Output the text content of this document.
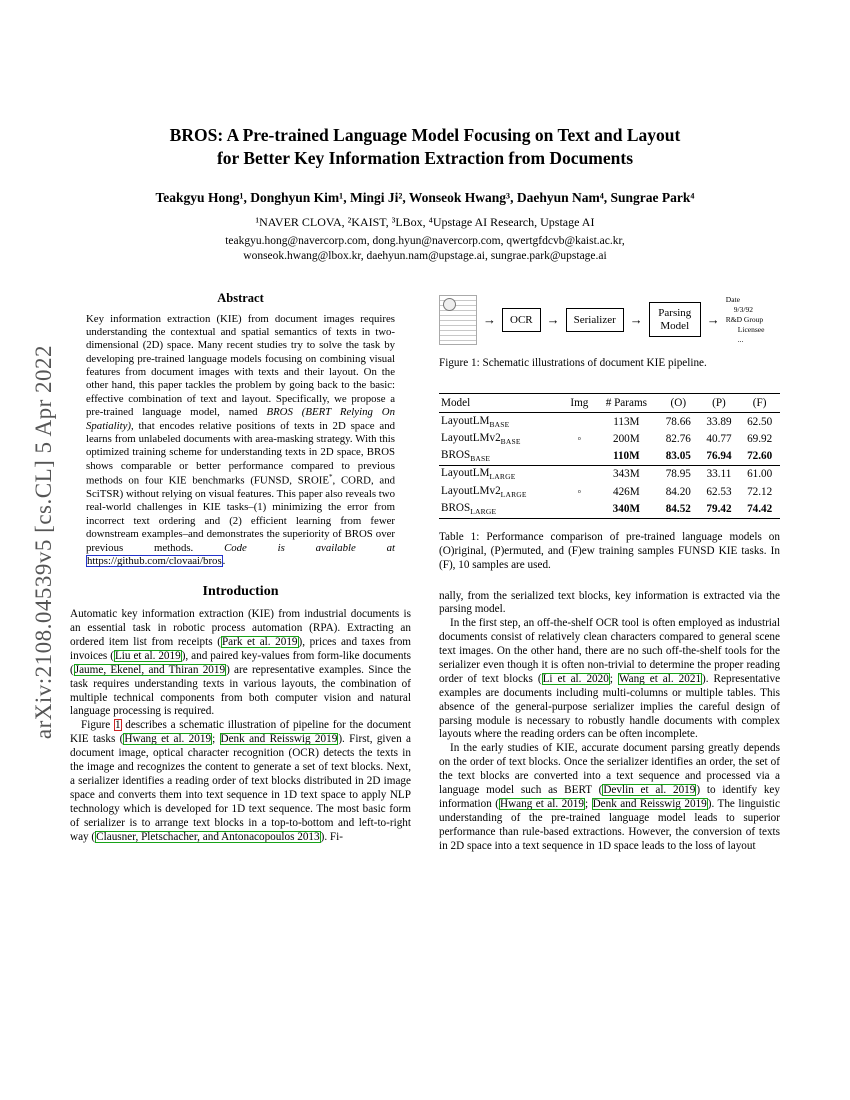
arXiv:2108.04539v5 [cs.CL] 5 Apr 2022
BROS: A Pre-trained Language Model Focusing on Text and Layout
for Better Key Information Extraction from Documents
Teakgyu Hong¹, Donghyun Kim¹, Mingi Ji², Wonseok Hwang³, Daehyun Nam⁴, Sungrae Park⁴
¹NAVER CLOVA, ²KAIST, ³LBox, ⁴Upstage AI Research, Upstage AI
teakgyu.hong@navercorp.com, dong.hyun@navercorp.com, qwertgfdcvb@kaist.ac.kr,
wonseok.hwang@lbox.kr, daehyun.nam@upstage.ai, sungrae.park@upstage.ai
Abstract
Key information extraction (KIE) from document images requires understanding the contextual and spatial semantics of texts in two-dimensional (2D) space. Many recent studies try to solve the task by developing pre-trained language models focusing on combining visual features from document images with texts and their layout. On the other hand, this paper tackles the problem by going back to the basic: effective combination of text and layout. Specifically, we propose a pre-trained language model, named BROS (BERT Relying On Spatiality), that encodes relative positions of texts in 2D space and learns from unlabeled documents with area-masking strategy. With this optimized training scheme for understanding texts in 2D space, BROS shows comparable or better performance compared to previous methods on four KIE benchmarks (FUNSD, SROIE*, CORD, and SciTSR) without relying on visual features. This paper also reveals two real-world challenges in KIE tasks–(1) minimizing the error from incorrect text ordering and (2) efficient learning from fewer downstream examples–and demonstrates the superiority of BROS over previous methods. Code is available at https://github.com/clovaai/bros.
Introduction
Automatic key information extraction (KIE) from industrial documents is an essential task in robotic process automation (RPA). Extracting an ordered item list from receipts (Park et al. 2019), prices and taxes from invoices (Liu et al. 2019), and paired key-values from form-like documents (Jaume, Ekenel, and Thiran 2019) are representative examples. Since the task requires understanding texts in various layouts, the combination of multiple technical components from both computer vision and natural language processing is required.
Figure 1 describes a schematic illustration of pipeline for the document KIE tasks (Hwang et al. 2019; Denk and Reisswig 2019). First, given a document image, optical character recognition (OCR) detects the texts in the image and recognizes the content to generate a set of text blocks. Next, a serializer identifies a reading order of text blocks distributed in 2D image space and converts them into text sequence in 1D text space to apply NLP technology which is developed for 1D text sequence. The most basic form of serializer is to arrange text blocks in a top-to-bottom and left-to-right way (Clausner, Pletschacher, and Antonacopoulos 2013). Fi-
→	OCR	→	Serializer	→	Parsing Model	→
Date
9/3/92
R&D Group
Licensee
...
Figure 1: Schematic illustrations of document KIE pipeline.
Model	Img	# Params	(O)	(P)	(F)
LayoutLM$_{BASE}$		113M	78.66	33.89	62.50
$LayoutLMv2_{BASE}$	◦	200M	82.76	40.77	69.92
$BROS_{BASE}$		110M	83.05	76.94	72.60
LayoutLM$_{LARGE}$		343M	78.95	33.11	61.00
$LayoutLMv2_{LARGE}$	◦	426M	84.20	62.53	72.12
$BROS_{LARGE}$		340M	84.52	79.42	74.42
Table 1: Performance comparison of pre-trained language models on (O)riginal, (P)ermuted, and (F)ew training samples FUNSD KIE tasks. In (F), 10 samples are used.
nally, from the serialized text blocks, key information is extracted via the parsing model.
In the first step, an off-the-shelf OCR tool is often employed as industrial documents consist of relatively clean characters compared to general scene text images. On the other hand, there are no such off-the-shelf tools for the serializer even though it is often non-trivial to determine the proper reading order of text blocks (Li et al. 2020; Wang et al. 2021). Representative examples are documents including multi-columns or multiple tables. This absence of the general-purpose serializer implies the careful design of parsing module is necessary to robustly handle documents with complex layouts where the reading orders can be often incomplete.
In the early studies of KIE, accurate document parsing greatly depends on the order of text blocks. Once the serializer identifies an order, the set of the text blocks are converted into a text sequence and processed via a language model such as BERT (Devlin et al. 2019) to identify key information (Hwang et al. 2019; Denk and Reisswig 2019). The linguistic understanding of the pre-trained language model leads to superior performance than rule-based extractions. However, the conversion of texts in 2D space into a text sequence in 1D space leads to the loss of layout
